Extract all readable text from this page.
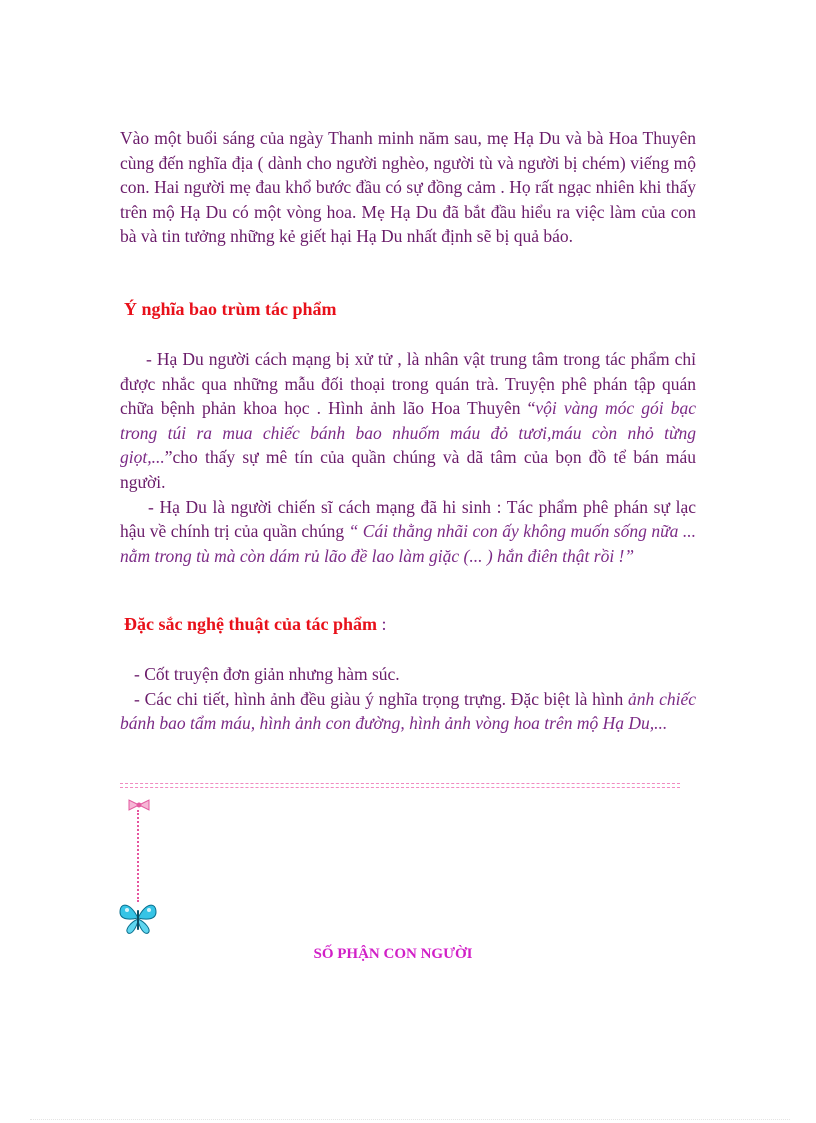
Vào một buổi sáng của ngày Thanh minh năm sau, mẹ Hạ Du và bà Hoa Thuyên cùng đến nghĩa địa ( dành cho người nghèo, người tù và người bị chém) viếng mộ con. Hai người mẹ đau khổ bước đầu có sự đồng cảm . Họ rất ngạc nhiên khi thấy trên mộ Hạ Du có một vòng hoa. Mẹ Hạ Du đã bắt đầu hiểu ra việc làm của con bà và tin tưởng những kẻ giết hại Hạ Du nhất định sẽ bị quả báo.

Ý nghĩa bao trùm tác phẩm

- Hạ Du người cách mạng bị xử tử , là nhân vật trung tâm trong tác phẩm chỉ được nhắc qua những mẫu đối thoại trong quán trà. Truyện phê phán tập quán chữa bệnh phản khoa học . Hình ảnh lão Hoa Thuyên “vội vàng móc gói bạc trong túi ra mua chiếc bánh bao nhuốm máu đỏ tươi,máu còn nhỏ từng giọt,...”cho thấy sự mê tín của quần chúng và dã tâm của bọn đồ tể bán máu người.

- Hạ Du là người chiến sĩ cách mạng đã hi sinh : Tác phẩm phê phán sự lạc hậu về chính trị của quần chúng “ Cái thằng nhãi con ấy không muốn sống nữa ... nằm trong tù mà còn dám rủ lão đề lao làm giặc (... ) hắn điên thật rồi !”

Đặc sắc nghệ thuật của tác phẩm :

- Cốt truyện đơn giản nhưng hàm súc.

- Các chi tiết, hình ảnh đều giàu ý nghĩa trọng trựng. Đặc biệt là hình ảnh chiếc bánh bao tẩm máu, hình ảnh con đường, hình ảnh vòng hoa trên mộ Hạ Du,...

SỐ PHẬN CON NGƯỜI
